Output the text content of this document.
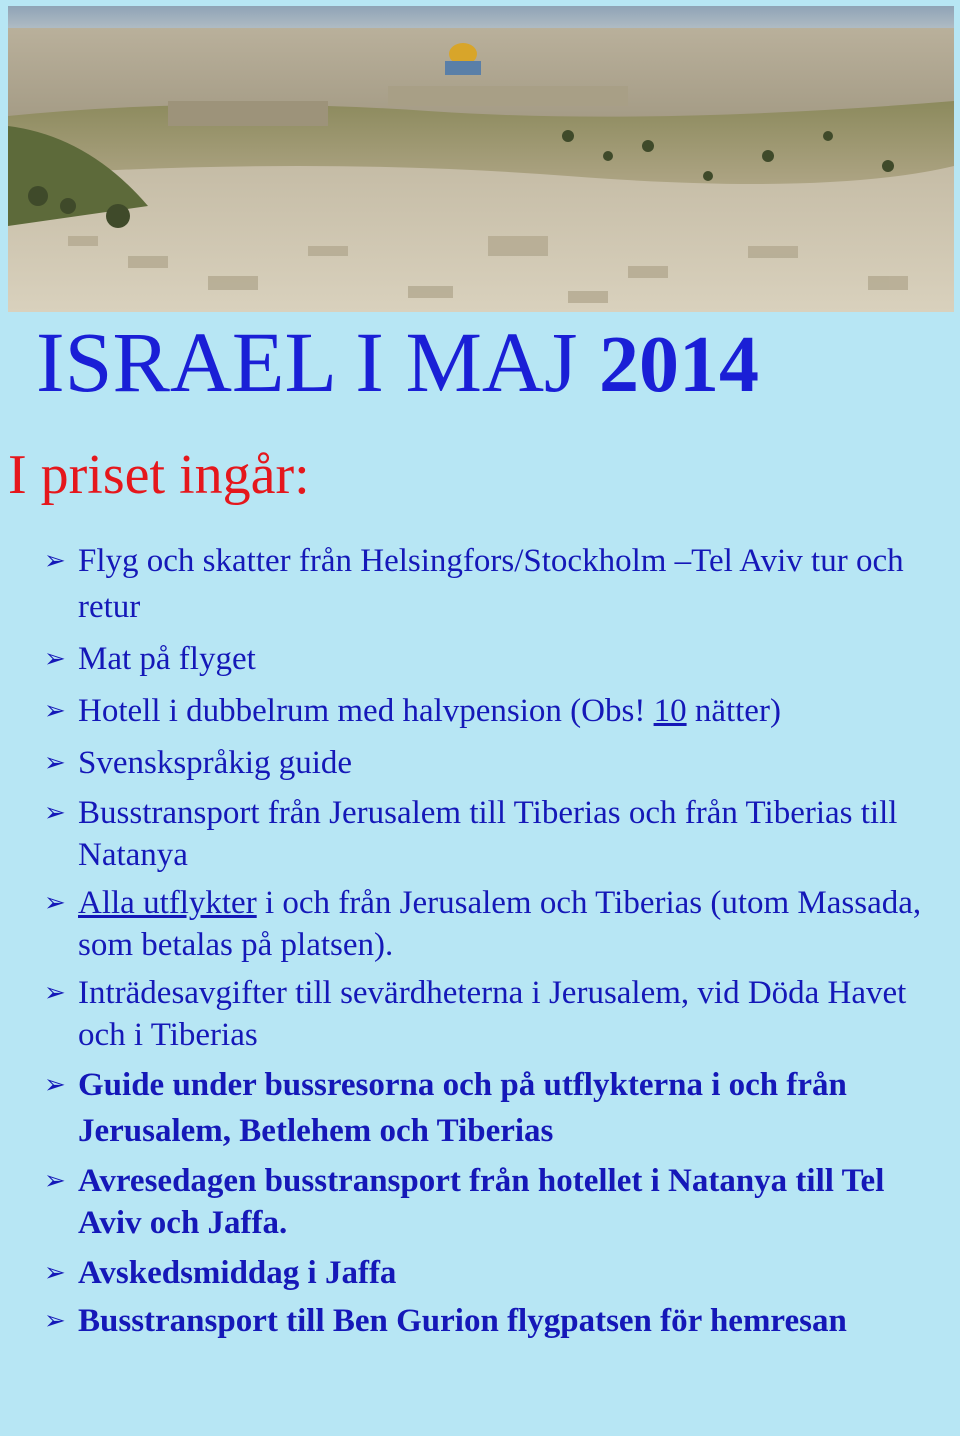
ISRAEL I MAJ 2014
I priset ingår:
➢ Flyg och skatter från Helsingfors/Stockholm –Tel Aviv tur och retur
➢ Mat på flyget
➢ Hotell i dubbelrum med halvpension (Obs! 10 nätter)
➢ Svenskspråkig guide
➢ Busstransport från Jerusalem till Tiberias och från Tiberias till Natanya
➢ Alla utflykter i och från Jerusalem och Tiberias (utom Massada, som betalas på platsen).
➢ Inträdesavgifter till sevärdheterna i Jerusalem, vid Döda Havet och i Tiberias
➢ Guide under bussresorna och på utflykterna i och från Jerusalem, Betlehem och Tiberias
➢ Avresedagen busstransport från hotellet i Natanya till Tel Aviv och Jaffa.
➢ Avskedsmiddag i Jaffa
➢ Busstransport till Ben Gurion flygpatsen för hemresan
